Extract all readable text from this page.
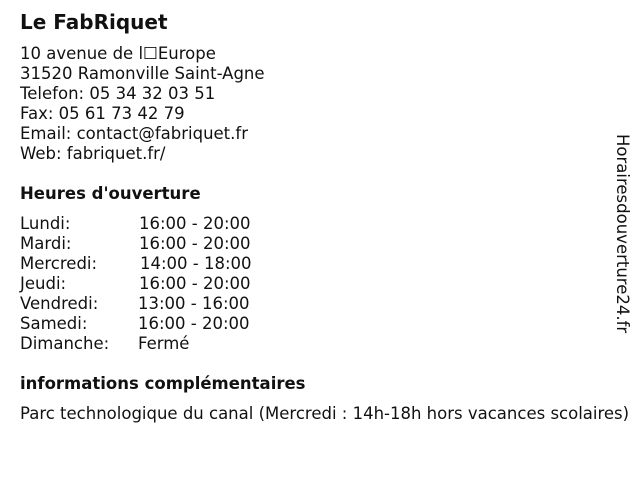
Le FabRiquet
10 avenue de l☐Europe
31520 Ramonville Saint-Agne
Telefon: 05 34 32 03 51
Fax: 05 61 73 42 79
Email: contact@fabriquet.fr
Web: fabriquet.fr/
Heures d'ouverture
Lundi:	16:00 - 20:00
Mardi:	16:00 - 20:00
Mercredi:	14:00 - 18:00
Jeudi:	16:00 - 20:00
Vendredi: 13:00 - 16:00
Samedi:	16:00 - 20:00
Dimanche: Fermé
informations complémentaires
Parc technologique du canal (Mercredi : 14h-18h hors vacances scolaires)
Horairesdouverture24.fr
